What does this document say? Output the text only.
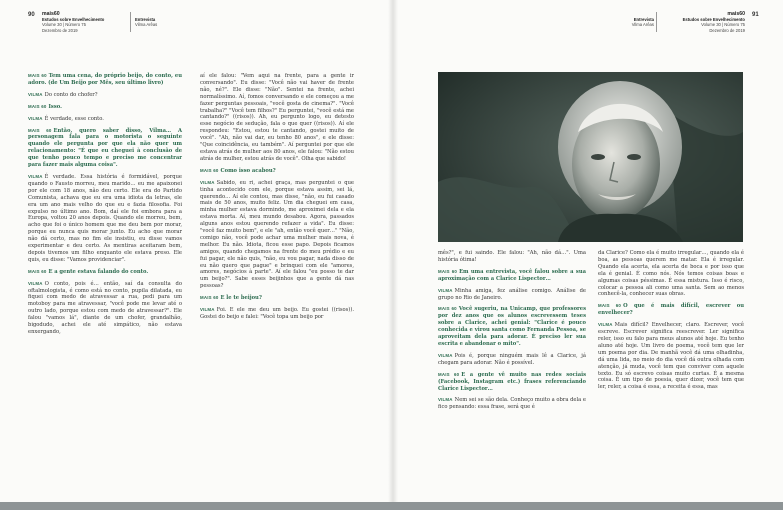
90 mais60
Estudos sobre Envelhecimento
Volume 30 | Número 75
Dezembro de 2019
Entrevista
Vilma Arêas
Entrevista
Vilma Arêas
mais60
Estudos sobre Envelhecimento
Volume 30 | Número 75
Dezembro de 2019
91

MAIS 60 Tem uma cena, do próprio beijo, do conto, eu adoro. (de Um Beijo por Mês, seu último livro)

VILMA Do conto do chofer?

MAIS 60 Isso.

VILMA É verdade, esse conto.

MAIS 60 Então, quero saber disso, Vilma… A personagem fala para o motorista o seguinte quando ele pergunta por que ela não quer um relacionamento: "É que eu cheguei à conclusão de que tenho pouco tempo e preciso me concentrar para fazer mais alguma coisa".

VILMA É verdade. Essa história é formidável, porque quando o Fausto morreu, meu marido… eu me apaixonei por ele com 18 anos, não deu certo. Ele era do Partido Comunista, achava que eu era uma idiota da letras, ele era um ano mais velho do que eu e fazia filosofia. Foi expulso no último ano. Bom, daí ele foi embora para a Europa, voltou 20 anos depois. Quando ele morreu, bem, acho que foi o único homem que me deu bem por morar, porque eu nunca quis morar junto. Eu acho que morar não dá certo, mas no fim ele insistiu, eu disse vamos experimentar e deu certo. As mentiras aceitaram bem, depois tivemos um filho enquanto ele estava preso. Ele quis, eu disse: "Vamos providenciar".

MAIS 60 E a gente estava falando do conto.

VILMA O conto, pois é… então, saí da consulta do oftalmologista, é como está no conto, pupila dilatada, eu fiquei com medo de atravessar a rua, pedi para um motoboy para me atravessar, "você pode me levar até o outro lado, porque estou com medo de atravessar?". Ele falou "vamos lá", diante de um chofer, grandalhão, bigodudo, achei ele até simpático, não estava enxergando,

aí ele falou: "Vem aqui na frente, para a gente ir conversando". Eu disse: "Você não vai haver de frente não, né?". Ele disse: "Não". Sentei na frente, achei normalíssimo. Aí, fomos conversando e ele começou a me fazer perguntas pessoais, "você gosta de cinema?". "Você trabalha?" "Você tem filhos?" Eu perguntei, "você está me cantando?" ((risos)). Ah, eu pergunto logo, eu detesto esse negócio de sedução, fala o que quer ((risos)). Aí ele respondeu: "Estou, estou te cantando, gostei muito de você". "Ah, não vai dar, eu tenho 80 anos", e ele disse: "Que coincidência, eu também". Aí perguntei por que ele estava atrás de mulher aos 80 anos, ele falou: "Não estou atrás de mulher, estou atrás de você". Olha que sabido!

MAIS 60 Como isso acabou?

VILMA Sabido, eu ri, achei graça, mas perguntei o que tinha acontecido com ele, porque estava assim, sei lá, querendo… Aí ele contou, mas disse, "não, eu fui casado mais de 50 anos, muito feliz. Um dia cheguei em casa, minha mulher estava dormindo, me aproximei dela e ela estava morta. Aí, meu mundo desabou. Agora, passados alguns anos estou querendo refazer a vida". Eu disse: "você faz muito bem", e ele "ah, então você quer…" "Não, comigo não, você pode achar uma mulher mais nova, é melhor. Eu não. Idiota, ficou esse papo. Depois ficamos amigos, quando chegamos na frente do meu prédio e eu fui pagar, ele não quis, "não, eu vou pagar, nada disso de eu não quero que pague" e brinquei com ele "amores, amores, negócios à parte". Aí ele falou "eu posso te dar um beijo?". Sabe esses beijinhos que a gente dá nas pessoas?

MAIS 60 E le te beijou?

VILMA Foi. E ele me deu um beijo. Eu gostei ((risos)). Gostei do beijo e falei: "Você topa um beijo por

mês?", e fui saindo. Ele falou: "Ah, não dá…". Uma história ótima!

MAIS 60 Em uma entrevista, você falou sobre a sua aproximação com a Clarice Lispector…

VILMA Minha amiga, fez análise comigo. Análise de grupo no Rio de Janeiro.

MAIS 60 Você sugeriu, na Unicamp, que professores por dez anos que os alunos escrevessem teses sobre a Clarice, achei genial: "Clarice é pouco conhecida e virou santa como Fernanda Pessoa, se aproveitam dela para adorar. É preciso ler sua escrita e abandonar o mito".

VILMA Pois é, porque ninguém mais lê a Clarice, já chegam para adorar. Não é possível.

MAIS 60 E a gente vê muito nas redes sociais (Facebook, Instagram etc.) frases referenciando Clarice Lispector…

VILMA Nem sei se são dela. Conheço muito a obra dela e fico pensando: essa frase, será que é

da Clarice? Como ela é muito irregular…, quando ela é boa, as pessoas querem me matar. Ela é irregular. Quando ela acerta, ela acerta de boca e por isso que ela é genial. É como nós. Nós temos coisas boas e algumas coisas péssimas. É essa mistura. Isso é risco, colocar a pessoa ali como uma santa. Sem ao menos conhecê-la, conhecer suas obras.

MAIS 60 O que é mais difícil, escrever ou envelhecer?

VILMA Mais difícil? Envelhecer, claro. Escrever, você escreve. Escrever significa reescrever. Ler significa reler, isso eu falo para meus alunos até hoje. Eu tenho aluno até hoje. Um livro de poema, você tem que ler um poema por dia. De manhã você dá uma olhadinha, dá uma lida, no meio do dia você dá outra olhada com atenção, já muda, você tem que conviver com aquele texto. Eu só escrevo coisas muito curtas. É a mesma coisa. É um tipo de poesia, quer dizer, você tem que ler, reler, a coisa é essa, a receita é essa, mas
